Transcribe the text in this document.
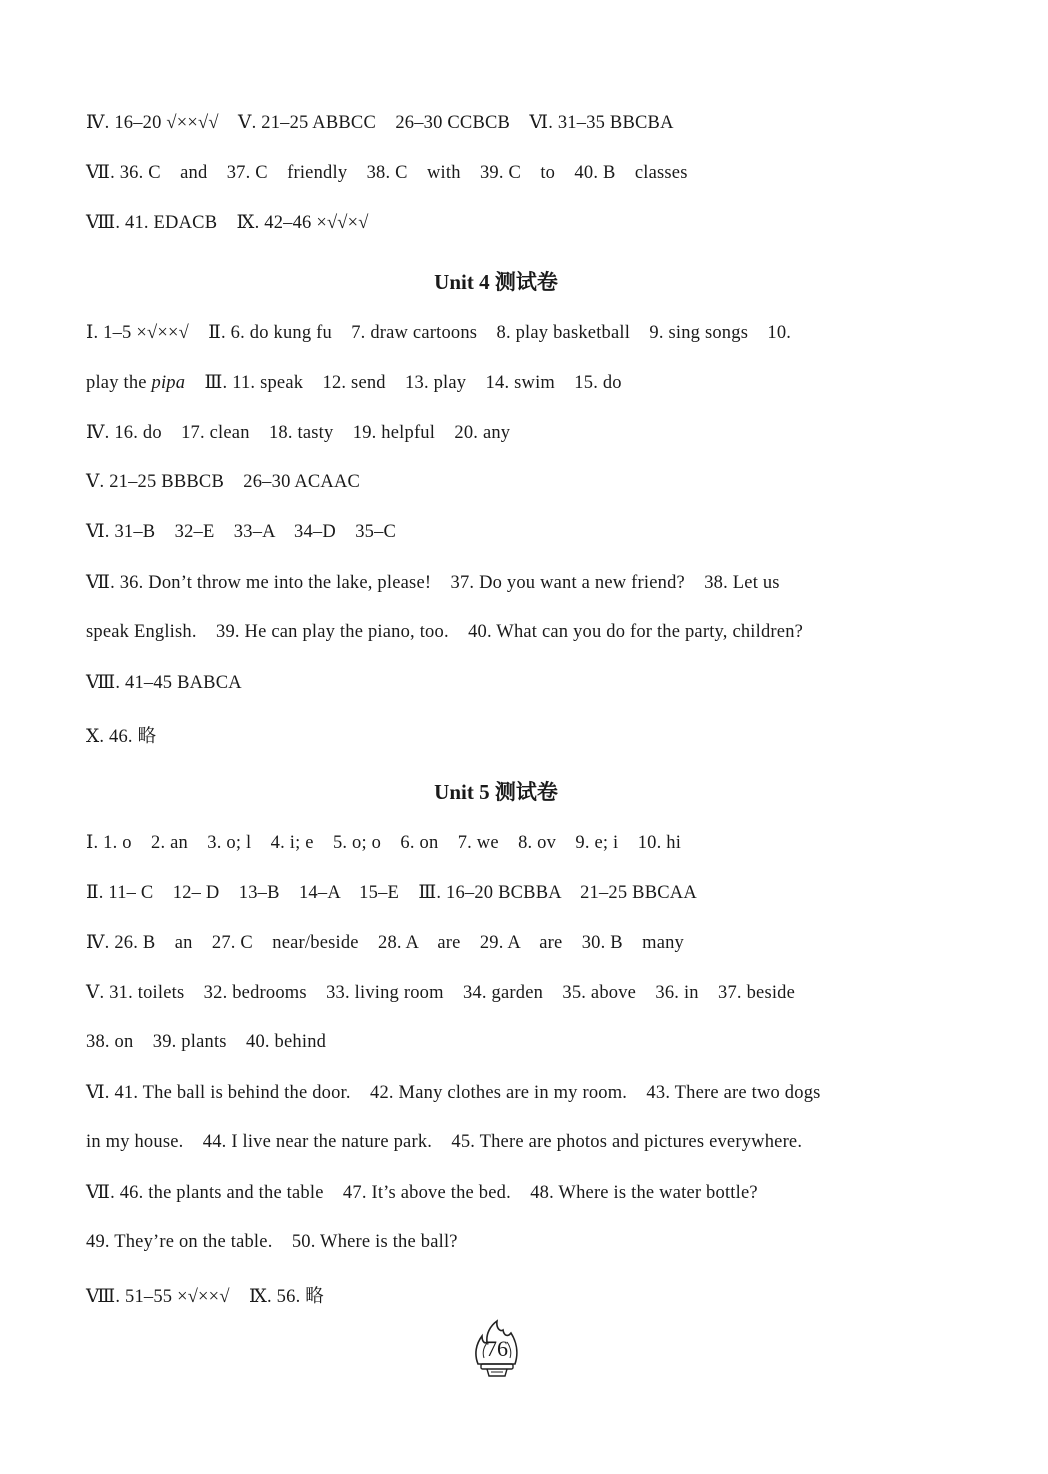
Ⅳ. 16–20 √××√√    Ⅴ. 21–25 ABBCC    26–30 CCBCB    Ⅵ. 31–35 BBCBA
Ⅶ. 36. C    and    37. C    friendly    38. C    with    39. C    to    40. B    classes
Ⅷ. 41. EDACB    Ⅸ. 42–46 ×√√×√
Unit 4 测试卷
Ⅰ. 1–5 ×√××√    Ⅱ. 6. do kung fu    7. draw cartoons    8. play basketball    9. sing songs    10.
play the pipa    Ⅲ. 11. speak    12. send    13. play    14. swim    15. do
Ⅳ. 16. do    17. clean    18. tasty    19. helpful    20. any
Ⅴ. 21–25 BBBCB    26–30 ACAAC
Ⅵ. 31–B    32–E    33–A    34–D    35–C
Ⅶ. 36. Don’t throw me into the lake, please!    37. Do you want a new friend?    38. Let us
speak English.    39. He can play the piano, too.    40. What can you do for the party, children?
Ⅷ. 41–45 BABCA
Ⅹ. 46. 略
Unit 5 测试卷
Ⅰ. 1. o    2. an    3. o; l    4. i; e    5. o; o    6. on    7. we    8. ov    9. e; i    10. hi
Ⅱ. 11– C    12– D    13–B    14–A    15–E    Ⅲ. 16–20 BCBBA    21–25 BBCAA
Ⅳ. 26. B    an    27. C    near/beside    28. A    are    29. A    are    30. B    many
Ⅴ. 31. toilets    32. bedrooms    33. living room    34. garden    35. above    36. in    37. beside
38. on    39. plants    40. behind
Ⅵ. 41. The ball is behind the door.    42. Many clothes are in my room.    43. There are two dogs
in my house.    44. I live near the nature park.    45. There are photos and pictures everywhere.
Ⅶ. 46. the plants and the table    47. It’s above the bed.    48. Where is the water bottle?
49. They’re on the table.    50. Where is the ball?
Ⅷ. 51–55 ×√××√    Ⅸ. 56. 略
76
